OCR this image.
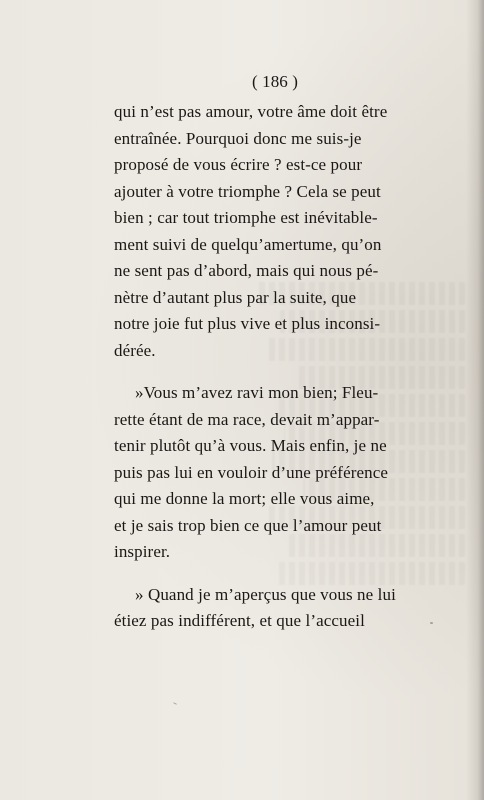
( 186 )
qui n’est pas amour, votre âme doit être
entraînée. Pourquoi donc me suis-je
proposé de vous écrire ? est-ce pour
ajouter à votre triomphe ? Cela se peut
bien ; car tout triomphe est inévitable-
ment suivi de quelqu’amertume, qu’on
ne sent pas d’abord, mais qui nous pé-
nètre d’autant plus par la suite, que
notre joie fut plus vive et plus inconsi-
dérée.
»Vous m’avez ravi mon bien; Fleu-
rette étant de ma race, devait m’appar-
tenir plutôt qu’à vous. Mais enfin, je ne
puis pas lui en vouloir d’une préférence
qui me donne la mort; elle vous aime,
et je sais trop bien ce que l’amour peut
inspirer.
» Quand je m’aperçus que vous ne lui
étiez pas indifférent, et que l’accueil
